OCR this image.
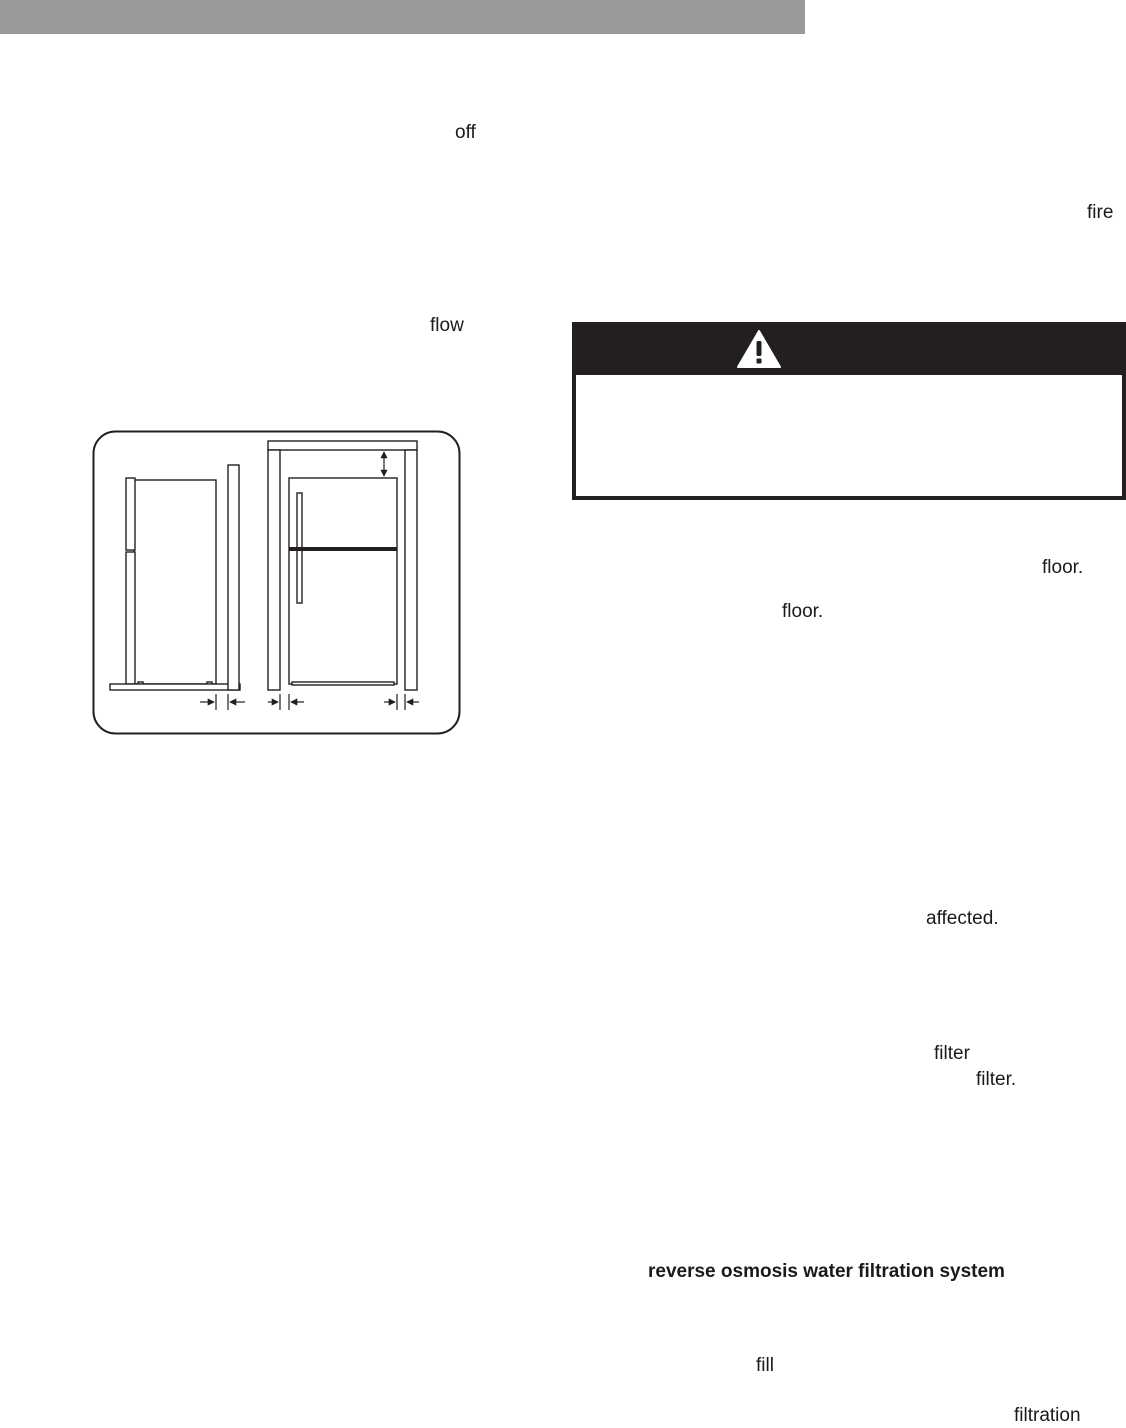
off
fire
flow
floor.
floor.
affected.
filter
filter.
reverse osmosis water filtration system
fill
filtration
